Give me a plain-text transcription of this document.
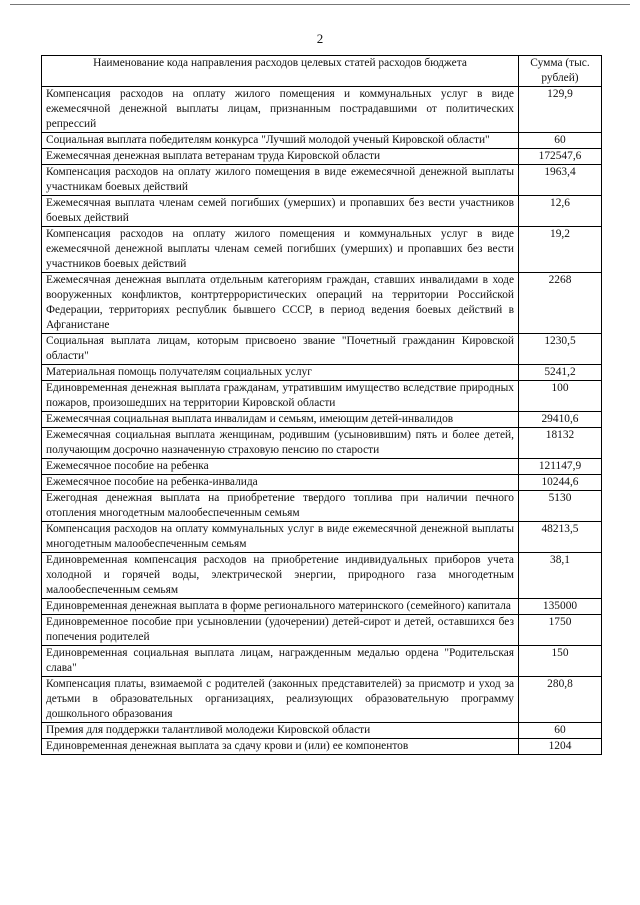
2
Наименование кода направления расходов целевых статей расходов бюджета	Сумма (тыс. рублей)
Компенсация расходов на оплату жилого помещения и коммунальных услуг в виде ежемесячной денежной выплаты лицам, признанным пострадавшими от политических репрессий	129,9
Социальная выплата победителям конкурса "Лучший молодой ученый Кировской области"	60
Ежемесячная денежная выплата ветеранам труда Кировской области	172547,6
Компенсация расходов на оплату жилого помещения в виде ежемесячной денежной выплаты участникам боевых действий	1963,4
Ежемесячная выплата членам семей погибших (умерших) и пропавших без вести участников боевых действий	12,6
Компенсация расходов на оплату жилого помещения и коммунальных услуг в виде ежемесячной денежной выплаты членам семей погибших (умерших) и пропавших без вести участников боевых действий	19,2
Ежемесячная денежная выплата отдельным категориям граждан, ставших инвалидами в ходе вооруженных конфликтов, контртеррористических операций на территории Российской Федерации, территориях республик бывшего СССР, в период ведения боевых действий в Афганистане	2268
Социальная выплата лицам, которым присвоено звание "Почетный гражданин Кировской области"	1230,5
Материальная помощь получателям социальных услуг	5241,2
Единовременная денежная выплата гражданам, утратившим имущество вследствие природных пожаров, произошедших на территории Кировской области	100
Ежемесячная социальная выплата инвалидам и семьям, имеющим детей-инвалидов	29410,6
Ежемесячная социальная выплата женщинам, родившим (усыновившим) пять и более детей, получающим досрочно назначенную страховую пенсию по старости	18132
Ежемесячное пособие на ребенка	121147,9
Ежемесячное пособие на ребенка-инвалида	10244,6
Ежегодная денежная выплата на приобретение твердого топлива при наличии печного отопления многодетным малообеспеченным семьям	5130
Компенсация расходов на оплату коммунальных услуг в виде ежемесячной денежной выплаты многодетным малообеспеченным семьям	48213,5
Единовременная компенсация расходов на приобретение индивидуальных приборов учета холодной и горячей воды, электрической энергии, природного газа многодетным малообеспеченным семьям	38,1
Единовременная денежная выплата в форме регионального материнского (семейного) капитала	135000
Единовременное пособие при усыновлении (удочерении) детей-сирот и детей, оставшихся без попечения родителей	1750
Единовременная социальная выплата лицам, награжденным медалью ордена "Родительская слава"	150
Компенсация платы, взимаемой с родителей (законных представителей) за присмотр и уход за детьми в образовательных организациях, реализующих образовательную программу дошкольного образования	280,8
Премия для поддержки талантливой молодежи Кировской области	60
Единовременная денежная выплата за сдачу крови и (или) ее компонентов	1204
